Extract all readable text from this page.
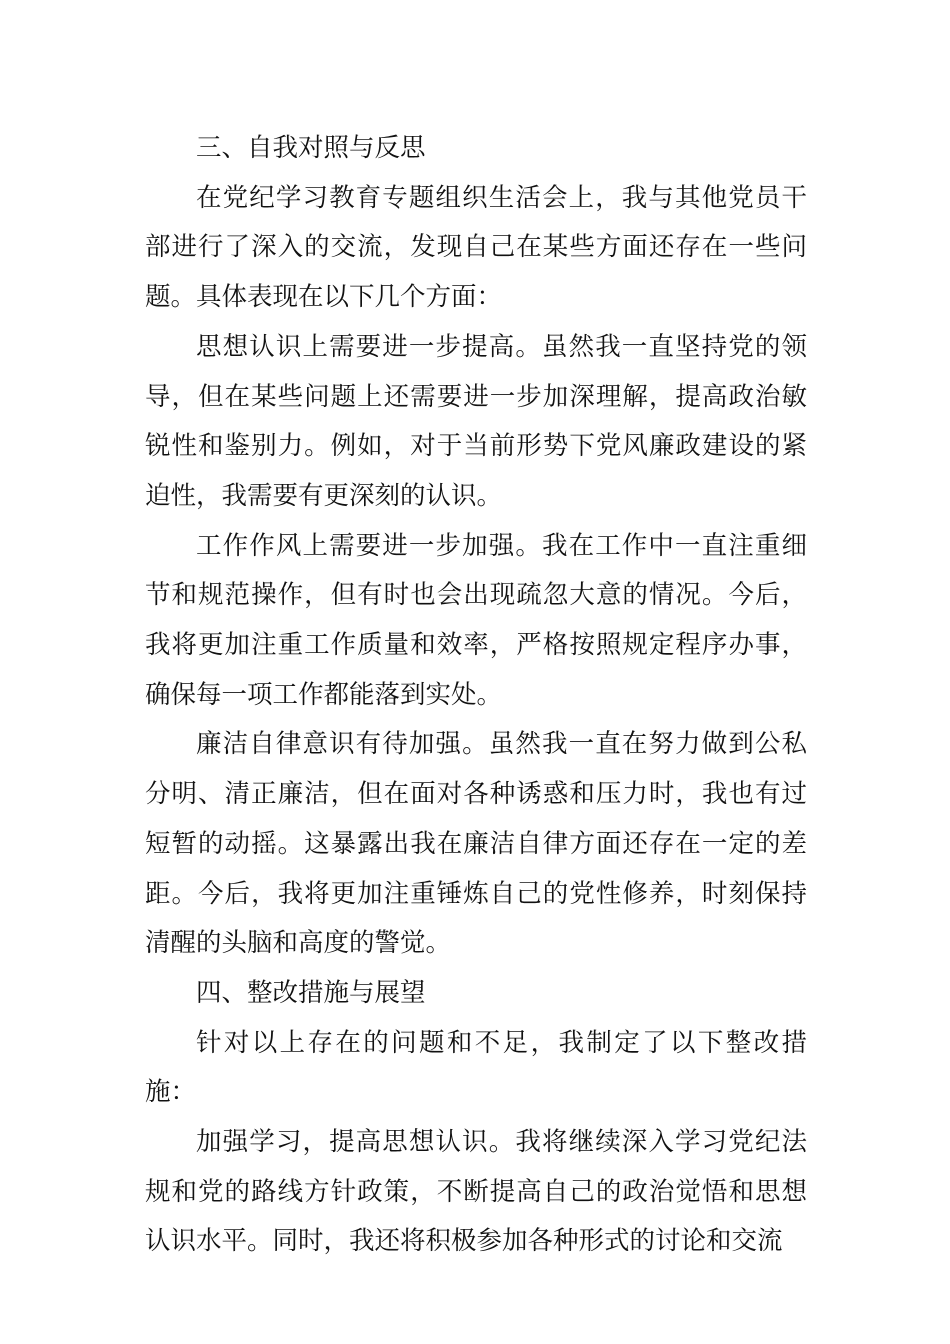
三、自我对照与反思

在党纪学习教育专题组织生活会上，我与其他党员干部进行了深入的交流，发现自己在某些方面还存在一些问题。具体表现在以下几个方面：

思想认识上需要进一步提高。虽然我一直坚持党的领导，但在某些问题上还需要进一步加深理解，提高政治敏锐性和鉴别力。例如，对于当前形势下党风廉政建设的紧迫性，我需要有更深刻的认识。

工作作风上需要进一步加强。我在工作中一直注重细节和规范操作，但有时也会出现疏忽大意的情况。今后，我将更加注重工作质量和效率，严格按照规定程序办事，确保每一项工作都能落到实处。

廉洁自律意识有待加强。虽然我一直在努力做到公私分明、清正廉洁，但在面对各种诱惑和压力时，我也有过短暂的动摇。这暴露出我在廉洁自律方面还存在一定的差距。今后，我将更加注重锤炼自己的党性修养，时刻保持清醒的头脑和高度的警觉。

四、整改措施与展望

针对以上存在的问题和不足，我制定了以下整改措施：

加强学习，提高思想认识。我将继续深入学习党纪法规和党的路线方针政策，不断提高自己的政治觉悟和思想认识水平。同时，我还将积极参加各种形式的讨论和交流
